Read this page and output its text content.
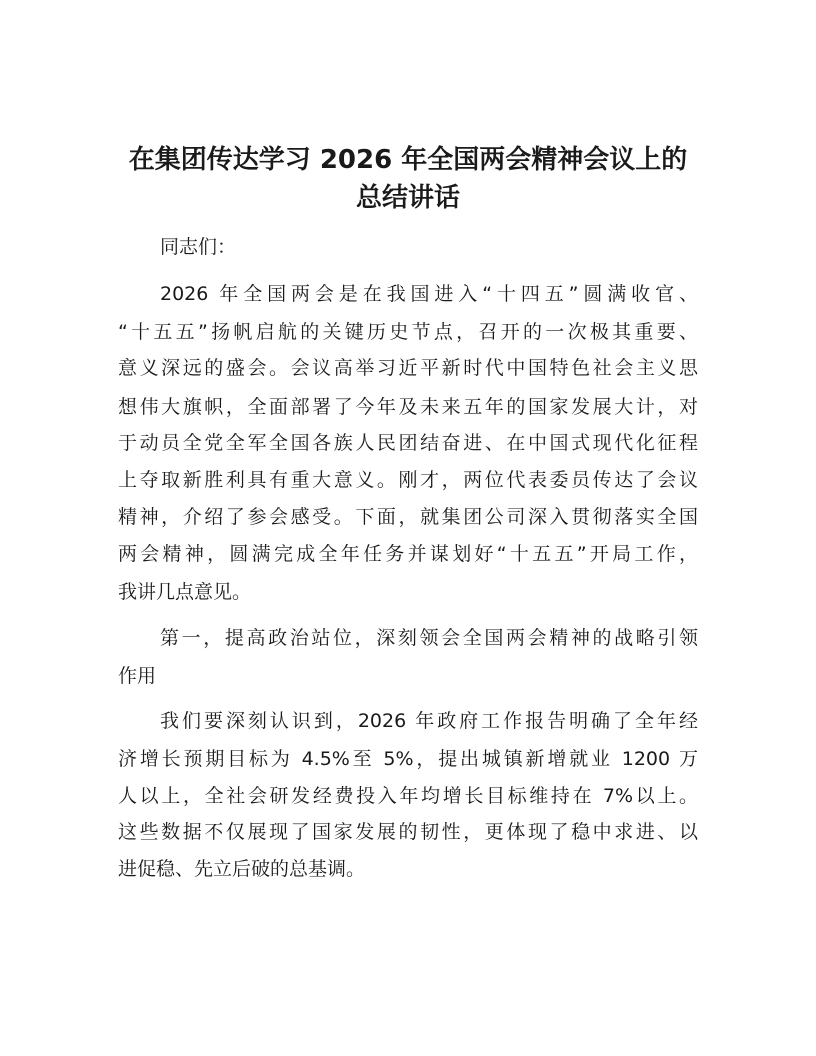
在集团传达学习 2026 年全国两会精神会议上的
总结讲话

同志们：

2026 年全国两会是在我国进入“十四五”圆满收官、

“十五五”扬帆启航的关键历史节点，召开的一次极其重要、

意义深远的盛会。会议高举习近平新时代中国特色社会主义思

想伟大旗帜，全面部署了今年及未来五年的国家发展大计，对

于动员全党全军全国各族人民团结奋进、在中国式现代化征程

上夺取新胜利具有重大意义。刚才，两位代表委员传达了会议

精神，介绍了参会感受。下面，就集团公司深入贯彻落实全国

两会精神，圆满完成全年任务并谋划好“十五五”开局工作，

我讲几点意见。

第一，提高政治站位，深刻领会全国两会精神的战略引领

作用

我们要深刻认识到，2026 年政府工作报告明确了全年经

济增长预期目标为 4.5%至 5%，提出城镇新增就业 1200 万

人以上，全社会研发经费投入年均增长目标维持在 7%以上。

这些数据不仅展现了国家发展的韧性，更体现了稳中求进、以

进促稳、先立后破的总基调。
